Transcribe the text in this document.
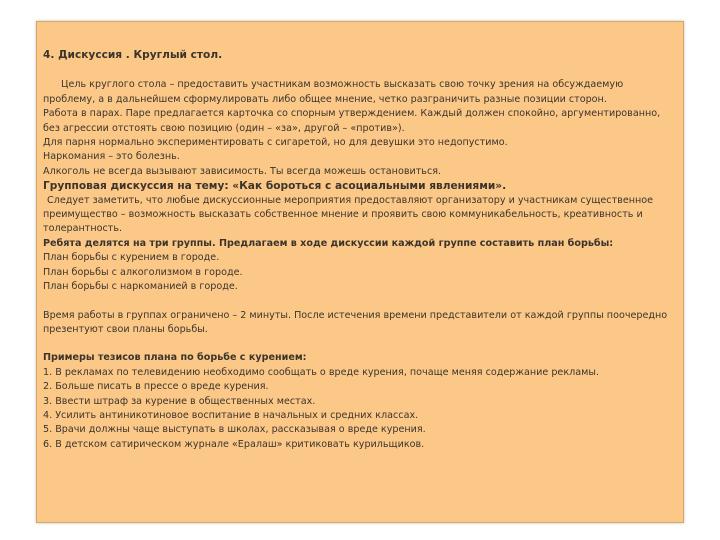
4. Дискуссия . Круглый стол.

Цель круглого стола – предоставить участникам возможность высказать свою точку зрения на обсуждаемую

проблему, а в дальнейшем сформулировать либо общее мнение, четко разграничить разные позиции сторон.

Работа в парах. Паре предлагается карточка со спорным утверждением. Каждый должен спокойно, аргументированно,

без агрессии отстоять свою позицию (один – «за», другой – «против»).

Для парня нормально экспериментировать с сигаретой, но для девушки это недопустимо.

Наркомания – это болезнь.

Алкоголь не всегда вызывают зависимость. Ты всегда можешь остановиться.

Групповая дискуссия на тему: «Как бороться с асоциальными явлениями».

Следует заметить, что любые дискуссионные мероприятия предоставляют организатору и участникам существенное

преимущество – возможность высказать собственное мнение и проявить свою коммуникабельность, креативность и

толерантность.

Ребята делятся на три группы. Предлагаем в ходе дискуссии каждой группе составить план борьбы:

План борьбы с курением в городе.

План борьбы с алкоголизмом в городе.

План борьбы с наркоманией в городе.

Время работы в группах ограничено – 2 минуты. После истечения времени представители от каждой группы поочередно

презентуют свои планы борьбы.

Примеры тезисов плана по борьбе с курением:

1. В рекламах по телевидению необходимо сообщать о вреде курения, почаще меняя содержание рекламы.

2. Больше писать в прессе о вреде курения.

3. Ввести штраф за курение в общественных местах.

4. Усилить антиникотиновое воспитание в начальных и средних классах.

5. Врачи должны чаще выступать в школах, рассказывая о вреде курения.

6. В детском сатирическом журнале «Ералаш» критиковать курильщиков.
